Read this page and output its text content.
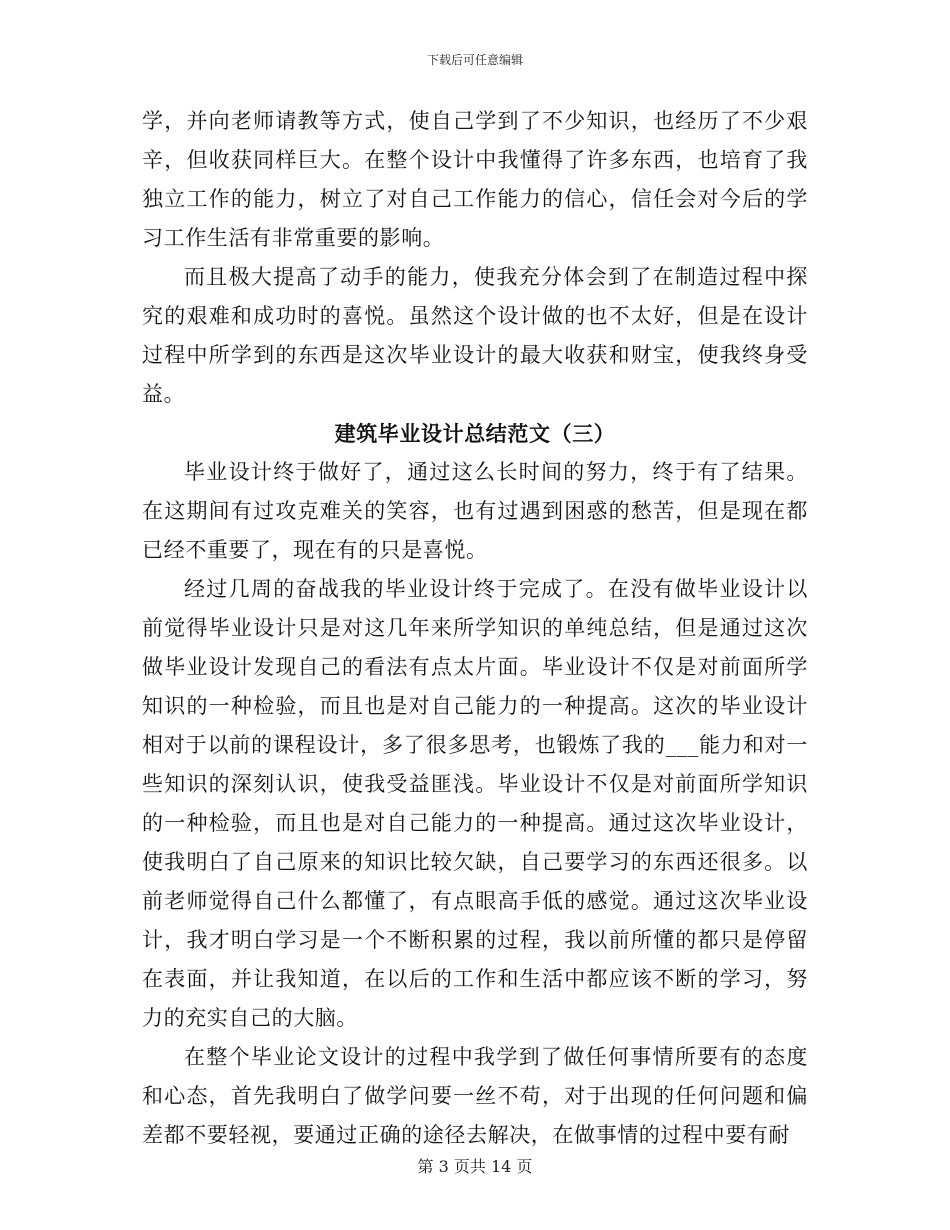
下载后可任意编辑

学，并向老师请教等方式，使自己学到了不少知识，也经历了不少艰辛，但收获同样巨大。在整个设计中我懂得了许多东西，也培育了我独立工作的能力，树立了对自己工作能力的信心，信任会对今后的学习工作生活有非常重要的影响。

而且极大提高了动手的能力，使我充分体会到了在制造过程中探究的艰难和成功时的喜悦。虽然这个设计做的也不太好，但是在设计过程中所学到的东西是这次毕业设计的最大收获和财宝，使我终身受益。

建筑毕业设计总结范文（三）

毕业设计终于做好了，通过这么长时间的努力，终于有了结果。在这期间有过攻克难关的笑容，也有过遇到困惑的愁苦，但是现在都已经不重要了，现在有的只是喜悦。

经过几周的奋战我的毕业设计终于完成了。在没有做毕业设计以前觉得毕业设计只是对这几年来所学知识的单纯总结，但是通过这次做毕业设计发现自己的看法有点太片面。毕业设计不仅是对前面所学知识的一种检验，而且也是对自己能力的一种提高。这次的毕业设计相对于以前的课程设计，多了很多思考，也锻炼了我的___能力和对一些知识的深刻认识，使我受益匪浅。毕业设计不仅是对前面所学知识的一种检验，而且也是对自己能力的一种提高。通过这次毕业设计，使我明白了自己原来的知识比较欠缺，自己要学习的东西还很多。以前老师觉得自己什么都懂了，有点眼高手低的感觉。通过这次毕业设计，我才明白学习是一个不断积累的过程，我以前所懂的都只是停留在表面，并让我知道，在以后的工作和生活中都应该不断的学习，努力的充实自己的大脑。

在整个毕业论文设计的过程中我学到了做任何事情所要有的态度和心态，首先我明白了做学问要一丝不苟，对于出现的任何问题和偏差都不要轻视，要通过正确的途径去解决，在做事情的过程中要有耐

第 3 页共 14 页
